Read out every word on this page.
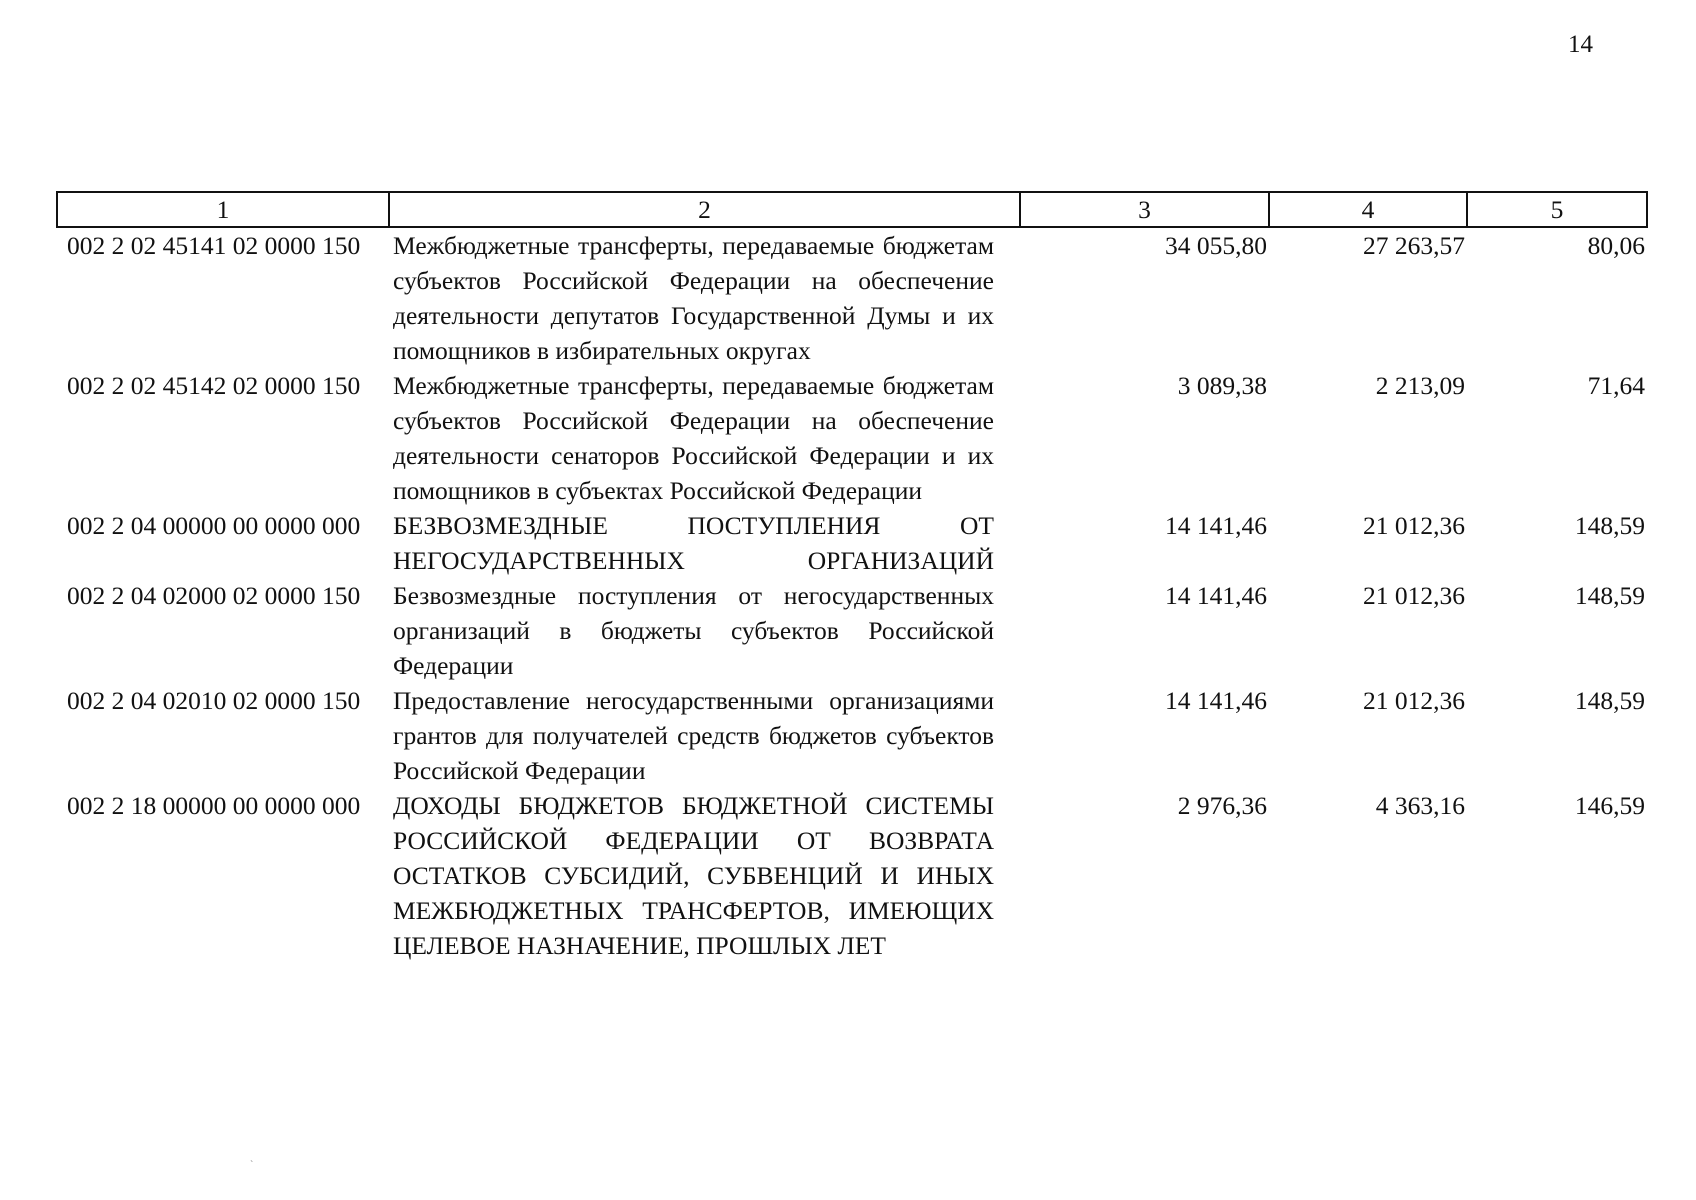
14
1	2	3	4	5
002 2 02 45141 02 0000 150	Межбюджетные трансферты, передаваемые бюджетам субъектов Российской Федерации на обеспечение деятельности депутатов Государственной Думы и их помощников в избирательных округах	34 055,80	27 263,57	80,06
002 2 02 45142 02 0000 150	Межбюджетные трансферты, передаваемые бюджетам субъектов Российской Федерации на обеспечение деятельности сенаторов Российской Федерации и их помощников в субъектах Российской Федерации	3 089,38	2 213,09	71,64
002 2 04 00000 00 0000 000	БЕЗВОЗМЕЗДНЫЕ ПОСТУПЛЕНИЯ ОТ НЕГОСУДАРСТВЕННЫХ ОРГАНИЗАЦИЙ	14 141,46	21 012,36	148,59
002 2 04 02000 02 0000 150	Безвозмездные поступления от негосударственных организаций в бюджеты субъектов Российской Федерации	14 141,46	21 012,36	148,59
002 2 04 02010 02 0000 150	Предоставление негосударственными организациями грантов для получателей средств бюджетов субъектов Российской Федерации	14 141,46	21 012,36	148,59
002 2 18 00000 00 0000 000	ДОХОДЫ БЮДЖЕТОВ БЮДЖЕТНОЙ СИСТЕМЫ РОССИЙСКОЙ ФЕДЕРАЦИИ ОТ ВОЗВРАТА ОСТАТКОВ СУБСИДИЙ, СУБВЕНЦИЙ И ИНЫХ МЕЖБЮДЖЕТНЫХ ТРАНСФЕРТОВ, ИМЕЮЩИХ ЦЕЛЕВОЕ НАЗНАЧЕНИЕ, ПРОШЛЫХ ЛЕТ	2 976,36	4 363,16	146,59
`
